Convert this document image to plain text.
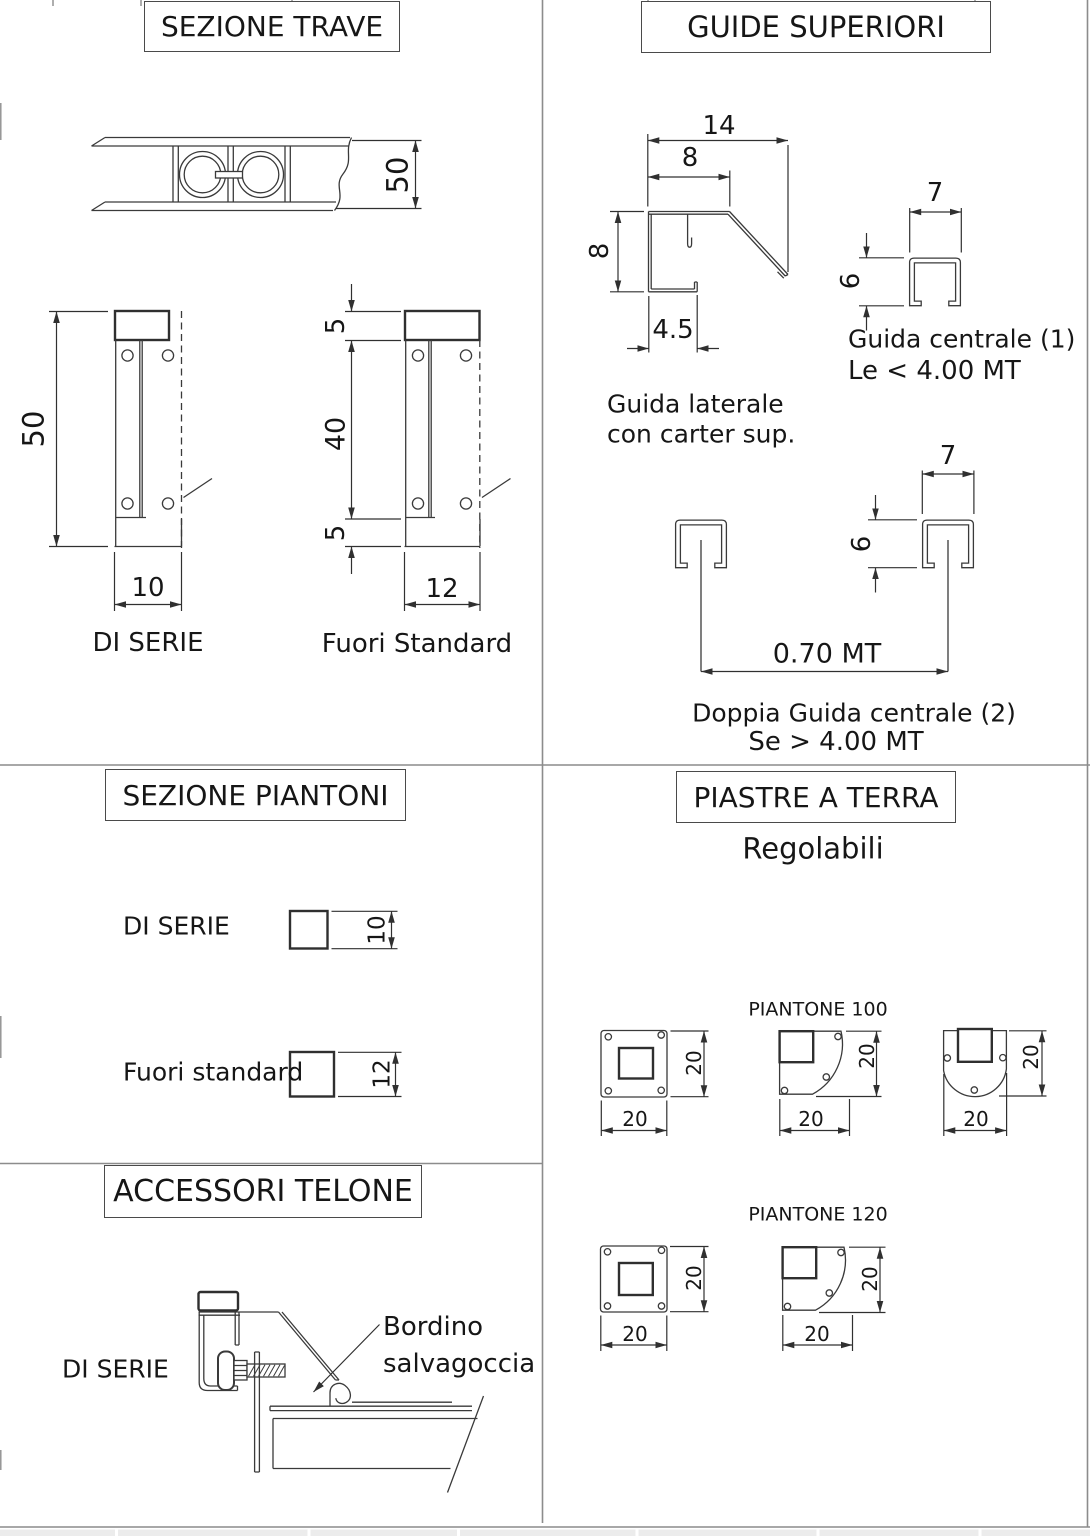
SEZIONE TRAVE	GUIDE SUPERIORI
SEZIONE PIANTONI	PIASTRE A TERRA
ACCESSORI TELONE
50
50
10
DI SERIE
5
40
5
12
Fuori Standard
14
8
8
4.5
Guida laterale
con carter sup.
7
6
Guida centrale (1)
Le < 4.00 MT
7
6
0.70 MT
Doppia Guida centrale (2)
Se > 4.00 MT
DI SERIE	10
Fuori standard	12
DI SERIE
Bordino
salvagoccia
Regolabili
PIANTONE 100
20
20
20
20
20
20
PIANTONE 120
20
20
20
20
